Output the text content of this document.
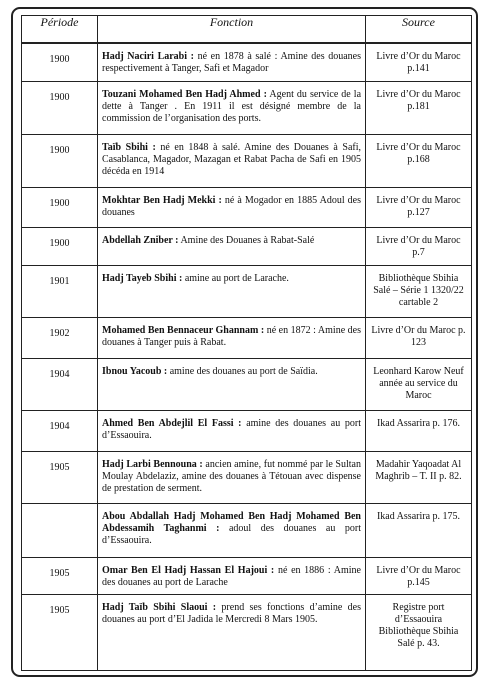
Période	Fonction	Source
1900	Hadj Naciri Larabi : né en 1878 à salé : Amine des douanes respectivement à Tanger, Safi et Magador	Livre d’Or du Maroc p.141
1900	Touzani Mohamed Ben Hadj Ahmed : Agent du service de la dette à Tanger . En 1911 il est désigné membre de la commission de l’organisation des ports.	Livre d’Or du Maroc p.181
1900	Taïb Sbihi : né en 1848 à salé. Amine des Douanes à Safi, Casablanca, Magador, Mazagan et Rabat Pacha de Safi en 1905 décéda en 1914	Livre d’Or du Maroc p.168
1900	Mokhtar Ben Hadj Mekki : né à Mogador en 1885 Adoul des douanes	Livre d’Or du Maroc p.127
1900	Abdellah Zniber : Amine des Douanes à Rabat-Salé	Livre d’Or du Maroc p.7
1901	Hadj Tayeb Sbihi : amine au port de Larache.	Bibliothèque Sbihia Salé – Série 1 1320/22 cartable 2
1902	Mohamed Ben Bennaceur Ghannam : né en 1872 : Amine des douanes à Tanger puis à Rabat.	Livre d’Or du Maroc p. 123
1904	Ibnou Yacoub : amine des douanes au port de Saïdia.	Leonhard Karow Neuf année au service du Maroc
1904	Ahmed Ben Abdejlil El Fassi : amine des douanes au port d’Essaouira.	Ikad Assarira p. 176.
1905	Hadj Larbi Bennouna : ancien amine, fut nommé par le Sultan Moulay Abdelaziz, amine des douanes à Tétouan avec dispense de prestation de serment.	Madahir Yaqoadat Al Maghrib – T. II p. 82.
	Abou Abdallah Hadj Mohamed Ben Hadj Mohamed Ben Abdessamih Taghanmi : adoul des douanes au port d’Essaouira.	Ikad Assarira p. 175.
1905	Omar Ben El Hadj Hassan El Hajoui : né en 1886 : Amine des douanes au port de Larache	Livre d’Or du Maroc p.145
1905	Hadj Taïb Sbihi Slaoui : prend ses fonctions d’amine des douanes au port d’El Jadida le Mercredi 8 Mars 1905.	Registre port d’Essaouira Bibliothèque Sbihia Salé p. 43.
